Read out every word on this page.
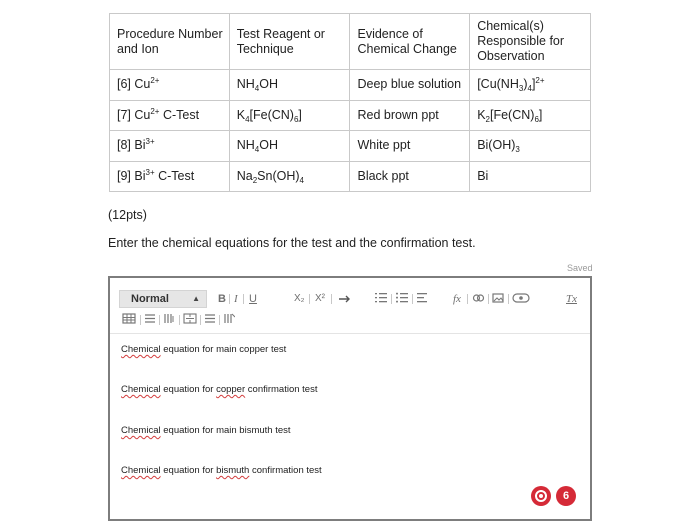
Procedure Number and Ion	Test Reagent or Technique	Evidence of Chemical Change	Chemical(s) Responsible for Observation
[6] $Cu^{2+}$	$NH_4OH$	Deep blue solution	$[Cu(NH_3)_4]^{2+}$
[7] $Cu^{2+}$ C-Test	$K_4[Fe(CN)_6]$	Red brown ppt	$K_2[Fe(CN)_6]$
[8] $Bi^{3+}$	$NH_4OH$	White ppt	$Bi(OH)_3$
[9] $Bi^{3+}$ C-Test	$Na_2Sn(OH)_4$	Black ppt	Bi
(12pts)
Enter the chemical equations for the test and the confirmation test.
Saved
Normal	▲ B I U	X₂ X²	fx	Tx
Chemical equation for main copper test
Chemical equation for copper confirmation test
Chemical equation for main bismuth test
Chemical equation for bismuth confirmation test
6
